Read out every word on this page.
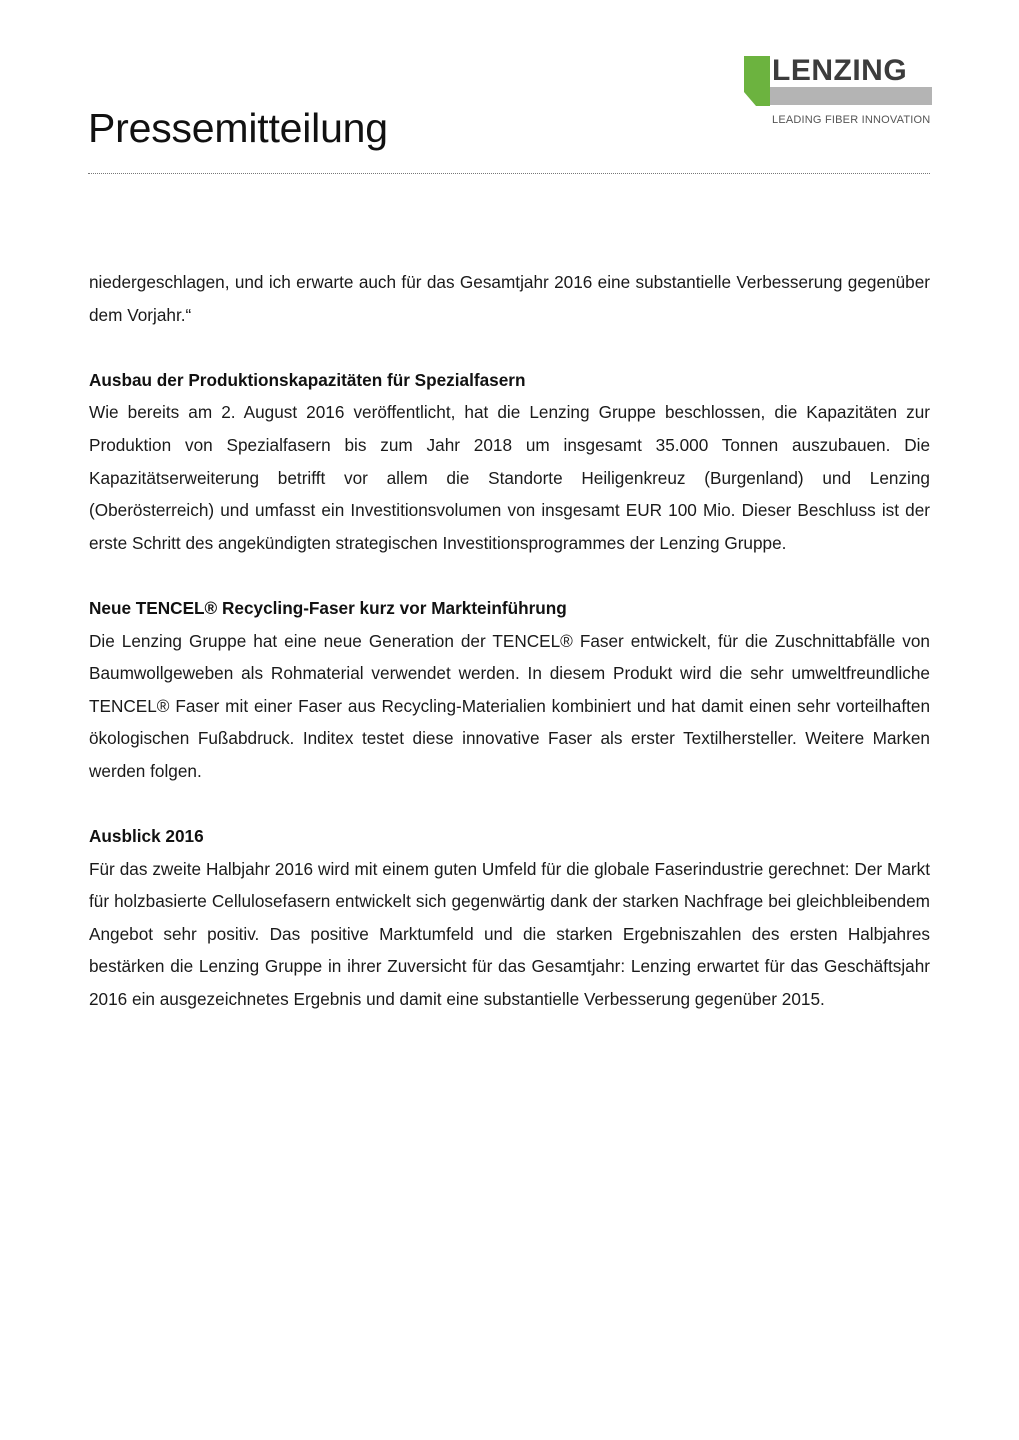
Pressemitteilung
LENZING
LEADING FIBER INNOVATION

niedergeschlagen, und ich erwarte auch für das Gesamtjahr 2016 eine substantielle Verbesserung gegenüber dem Vorjahr.“

Ausbau der Produktionskapazitäten für Spezialfasern

Wie bereits am 2. August 2016 veröffentlicht, hat die Lenzing Gruppe beschlossen, die Kapazitäten zur Produktion von Spezialfasern bis zum Jahr 2018 um insgesamt 35.000 Tonnen auszubauen. Die Kapazitätserweiterung betrifft vor allem die Standorte Heiligenkreuz (Burgenland) und Lenzing (Oberösterreich) und umfasst ein Investitionsvolumen von insgesamt EUR 100 Mio. Dieser Beschluss ist der erste Schritt des angekündigten strategischen Investitionsprogrammes der Lenzing Gruppe.

Neue TENCEL® Recycling-Faser kurz vor Markteinführung

Die Lenzing Gruppe hat eine neue Generation der TENCEL® Faser entwickelt, für die Zuschnittabfälle von Baumwollgeweben als Rohmaterial verwendet werden. In diesem Produkt wird die sehr umweltfreundliche TENCEL® Faser mit einer Faser aus Recycling-Materialien kombiniert und hat damit einen sehr vorteilhaften ökologischen Fußabdruck. Inditex testet diese innovative Faser als erster Textilhersteller. Weitere Marken werden folgen.

Ausblick 2016

Für das zweite Halbjahr 2016 wird mit einem guten Umfeld für die globale Faserindustrie gerechnet: Der Markt für holzbasierte Cellulosefasern entwickelt sich gegenwärtig dank der starken Nachfrage bei gleichbleibendem Angebot sehr positiv. Das positive Marktumfeld und die starken Ergebniszahlen des ersten Halbjahres bestärken die Lenzing Gruppe in ihrer Zuversicht für das Gesamtjahr: Lenzing erwartet für das Geschäftsjahr 2016 ein ausgezeichnetes Ergebnis und damit eine substantielle Verbesserung gegenüber 2015.
